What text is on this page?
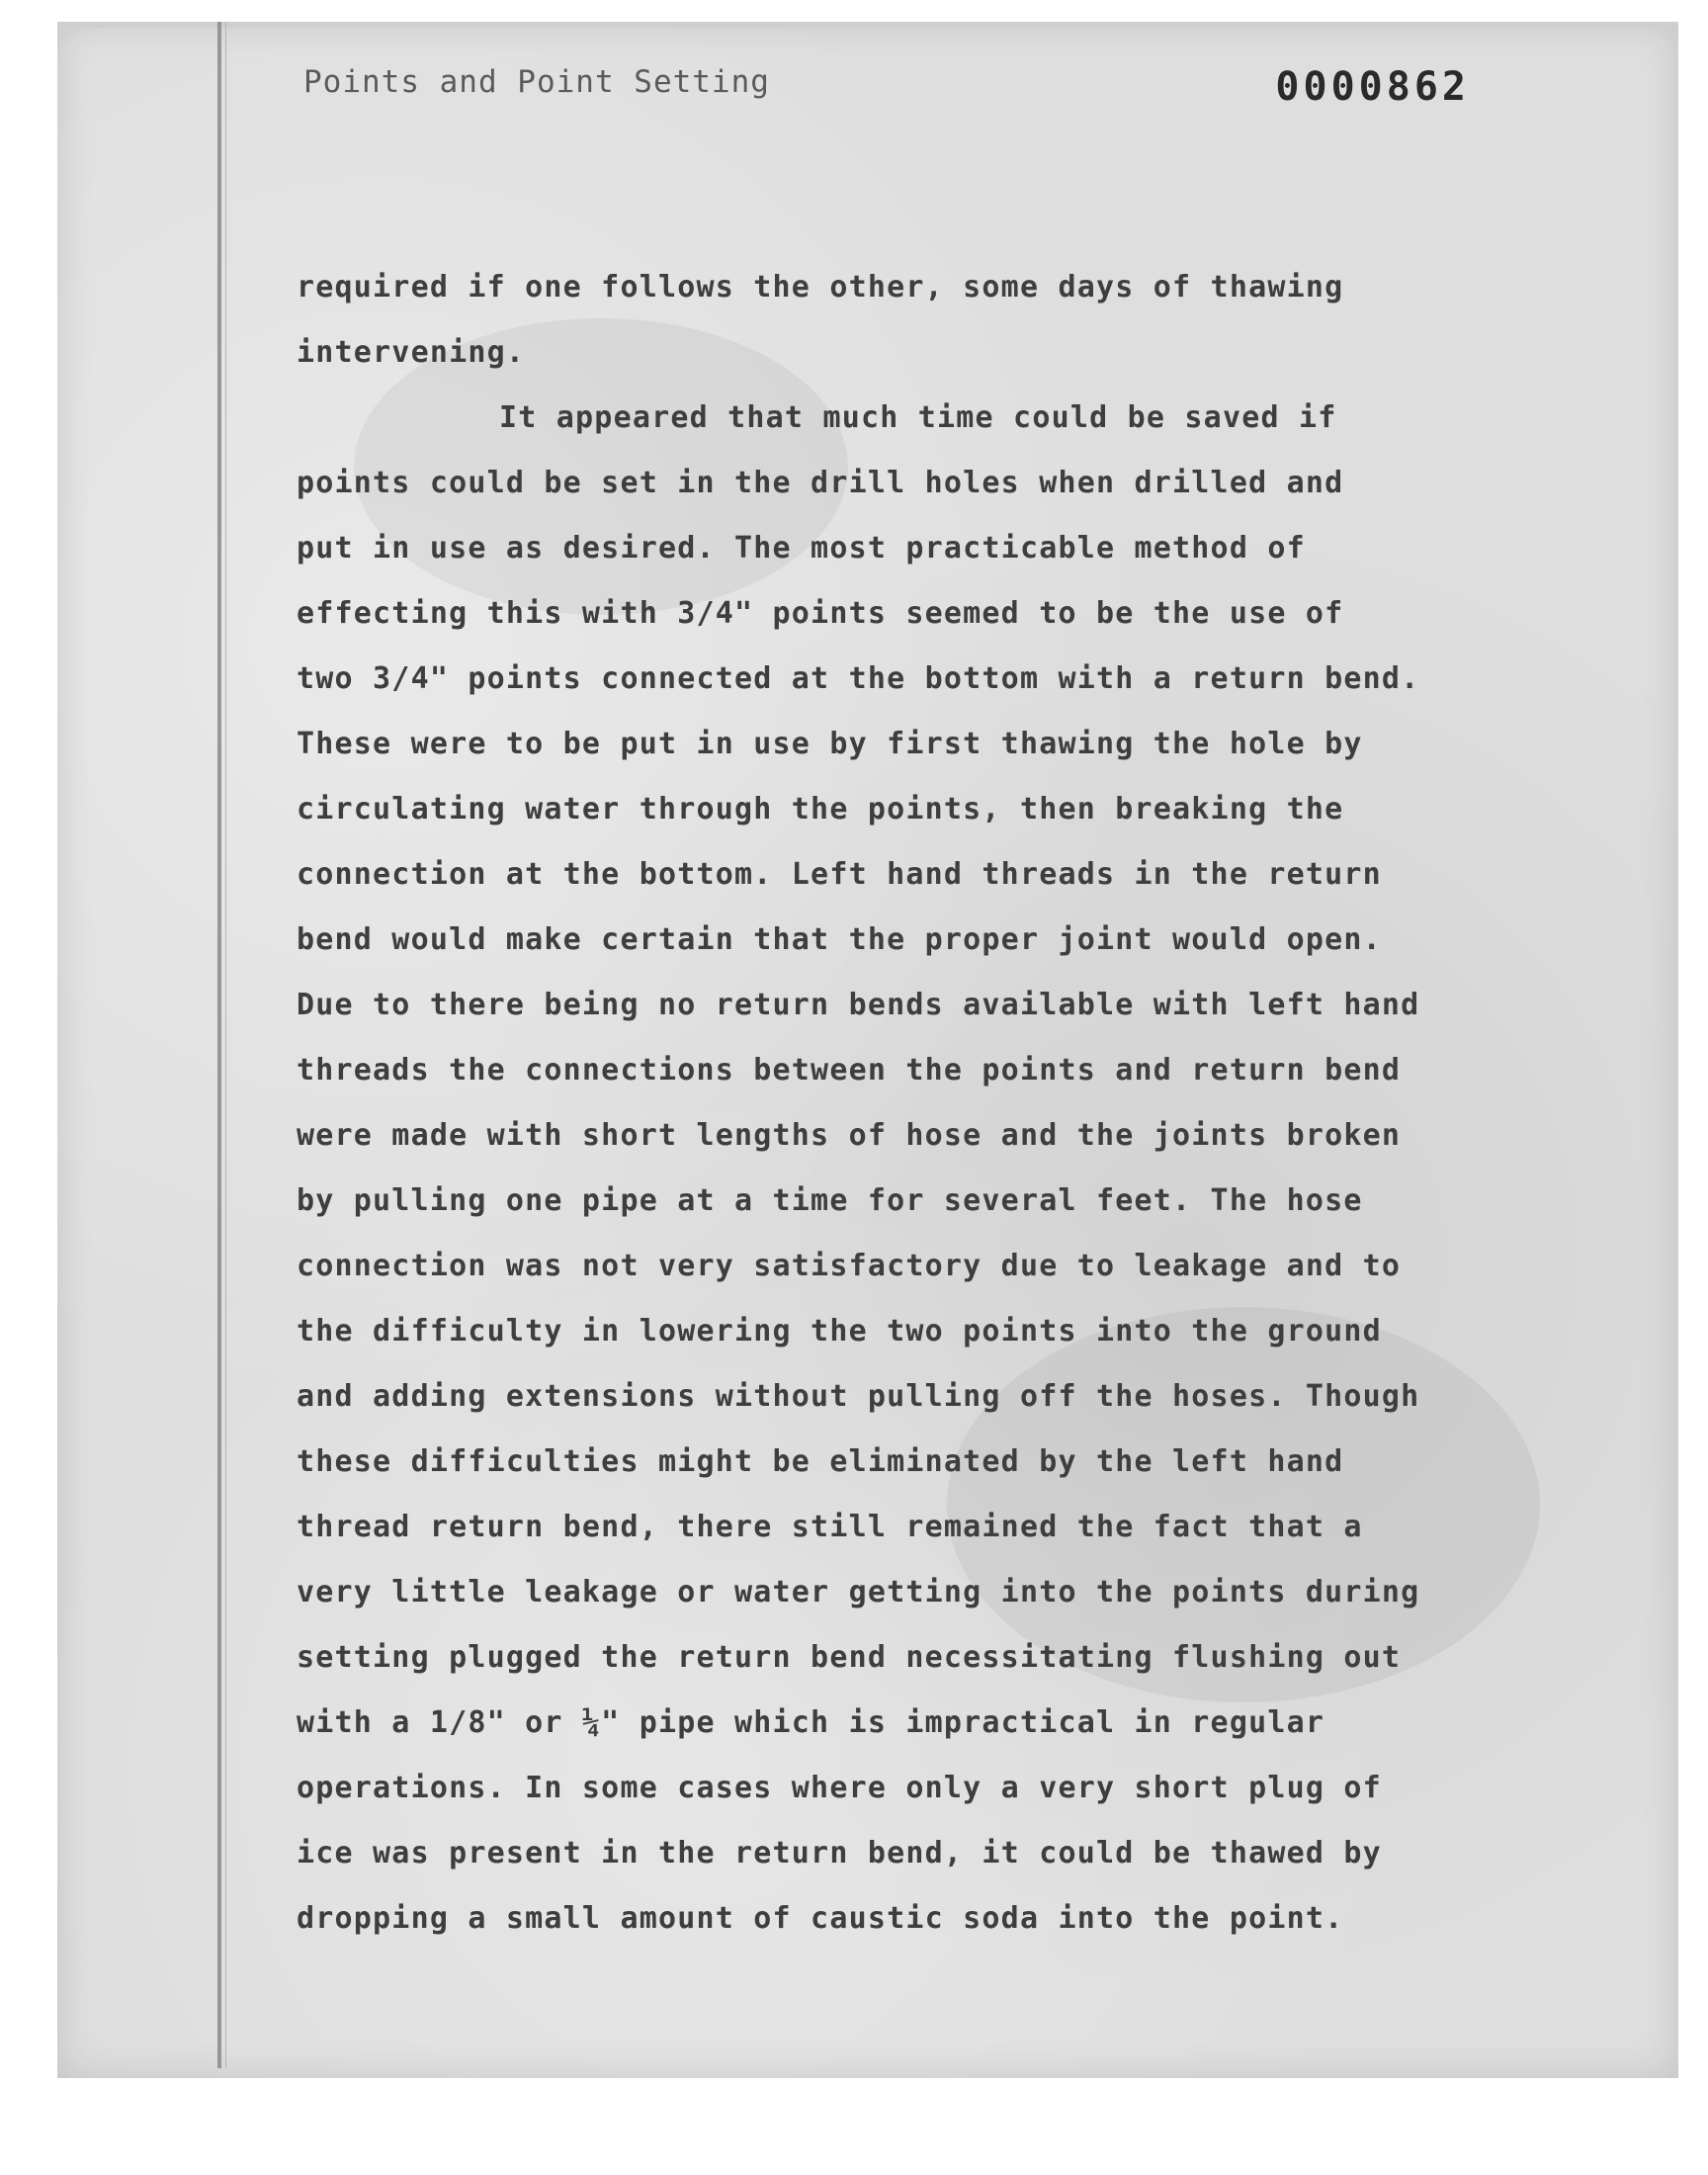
Points and Point Setting	0000862
required if one follows the other, some days of thawing
intervening.
It appeared that much time could be saved if
points could be set in the drill holes when drilled and
put in use as desired. The most practicable method of
effecting this with 3/4" points seemed to be the use of
two 3/4" points connected at the bottom with a return bend.
These were to be put in use by first thawing the hole by
circulating water through the points, then breaking the
connection at the bottom. Left hand threads in the return
bend would make certain that the proper joint would open.
Due to there being no return bends available with left hand
threads the connections between the points and return bend
were made with short lengths of hose and the joints broken
by pulling one pipe at a time for several feet. The hose
connection was not very satisfactory due to leakage and to
the difficulty in lowering the two points into the ground
and adding extensions without pulling off the hoses. Though
these difficulties might be eliminated by the left hand
thread return bend, there still remained the fact that a
very little leakage or water getting into the points during
setting plugged the return bend necessitating flushing out
with a 1/8" or ¼" pipe which is impractical in regular
operations. In some cases where only a very short plug of
ice was present in the return bend, it could be thawed by
dropping a small amount of caustic soda into the point.
